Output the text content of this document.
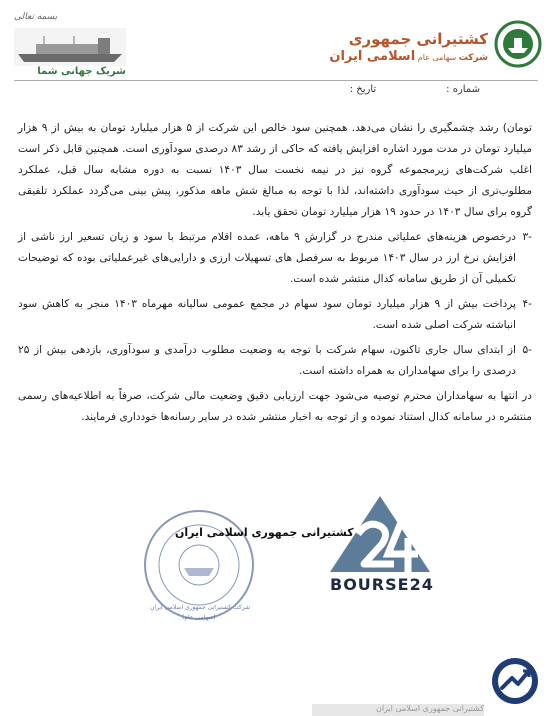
بسمه تعالی
شریک جهانی شما
کشتیرانی جمهوری
شرکت سهامی عام اسلامی ایران
شماره :
تاریخ :

تومان) رشد چشمگیری را نشان می‌دهد. همچنین سود خالص این شرکت از ۵ هزار میلیارد تومان به بیش از ۹ هزار میلیارد تومان در مدت مورد اشاره افزایش یافته که حاکی از رشد ۸۳ درصدی سودآوری است. همچنین قابل ذکر است اغلب شرکت‌های زیرمجموعه گروه نیز در نیمه نخست سال ۱۴۰۳ نسبت به دوره مشابه سال قبل، عملکرد مطلوب‌تری از حیث سودآوری داشته‌اند، لذا با توجه به مبالغ شش ماهه مذکور، پیش بینی می‌گردد عملکرد تلفیقی گروه برای سال ۱۴۰۳ در حدود ۱۹ هزار میلیارد تومان تحقق یابد.

-۳

درخصوص هزینه‌های عملیاتی مندرج در گزارش ۹ ماهه، عمده اقلام مرتبط با سود و زیان تسعیر ارز ناشی از افزایش نرخ ارز در سال ۱۴۰۳ مربوط به سرفصل های تسهیلات ارزی و دارایی‌های غیرعملیاتی بوده که توضیحات تکمیلی آن از طریق سامانه کدال منتشر شده است.

-۴

پرداخت بیش از ۹ هزار میلیارد تومان سود سهام در مجمع عمومی سالیانه مهرماه ۱۴۰۳ منجر به کاهش سود انباشته شرکت اصلی شده است.

-۵

از ابتدای سال جاری تاکنون، سهام شرکت با توجه به وضعیت مطلوب درآمدی و سودآوری، بازدهی بیش از ۲۵ درصدی را برای سهامداران به همراه داشته است.

در انتها به سهامداران محترم توصیه می‌شود جهت ارزیابی دقیق وضعیت مالی شرکت، صرفاً به اطلاعیه‌های رسمی منتشره در سامانه کدال استناد نموده و از توجه به اخبار منتشر شده در سایر رسانه‌ها خودداری فرمایند.

کشتیرانی جمهوری اسلامی ایران
شرکت کشتیرانی جمهوری اسلامی ایران
(سهامی عام)
BOURSE24
کشتیرانی جمهوری اسلامی ایران
